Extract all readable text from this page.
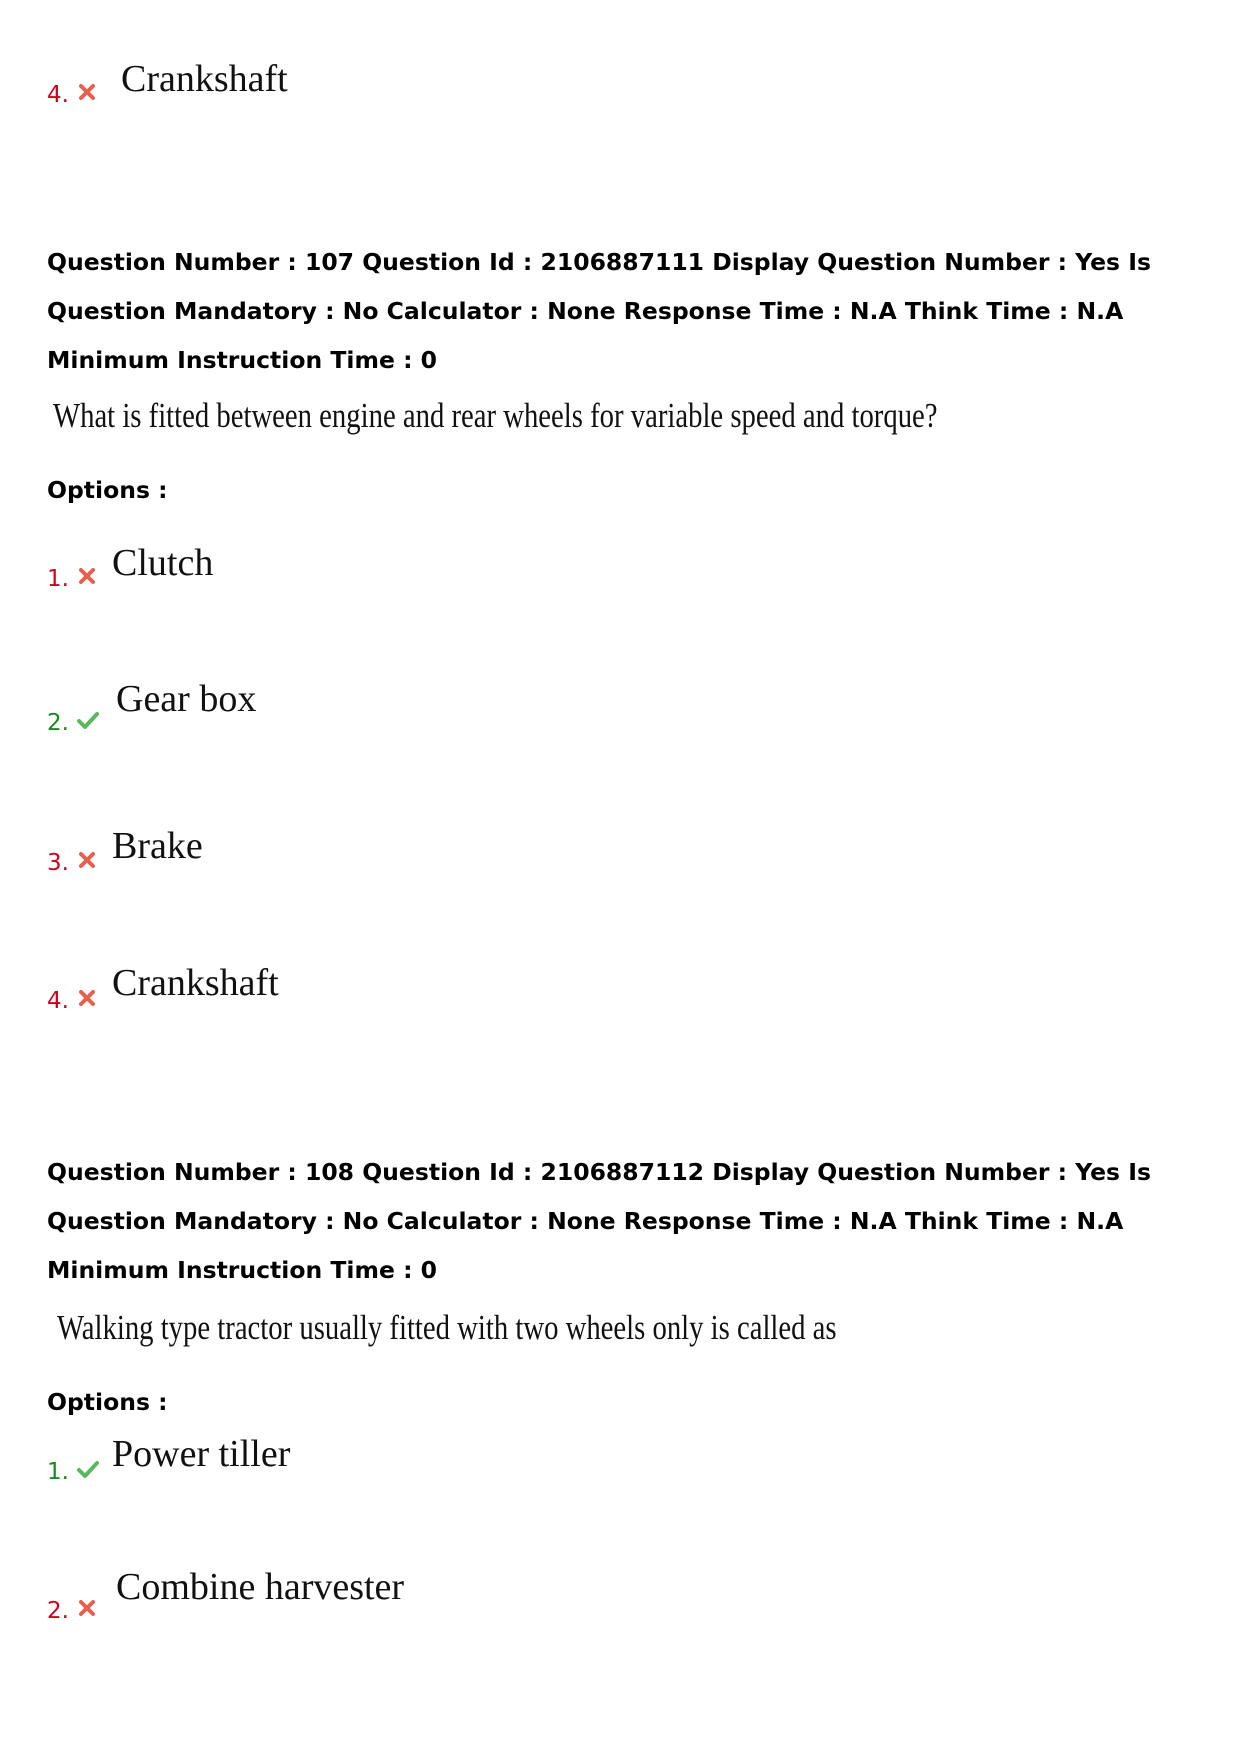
4. Crankshaft
Question Number : 107 Question Id : 2106887111 Display Question Number : Yes Is Question Mandatory : No Calculator : None Response Time : N.A Think Time : N.A Minimum Instruction Time : 0
What is fitted between engine and rear wheels for variable speed and torque?
Options :
1. Clutch
2.
Gear box
3. Brake
4. Crankshaft
Question Number : 108 Question Id : 2106887112 Display Question Number : Yes Is Question Mandatory : No Calculator : None Response Time : N.A Think Time : N.A Minimum Instruction Time : 0
Walking type tractor usually fitted with two wheels only is called as
Options :
1. Power tiller
2.
Combine harvester
